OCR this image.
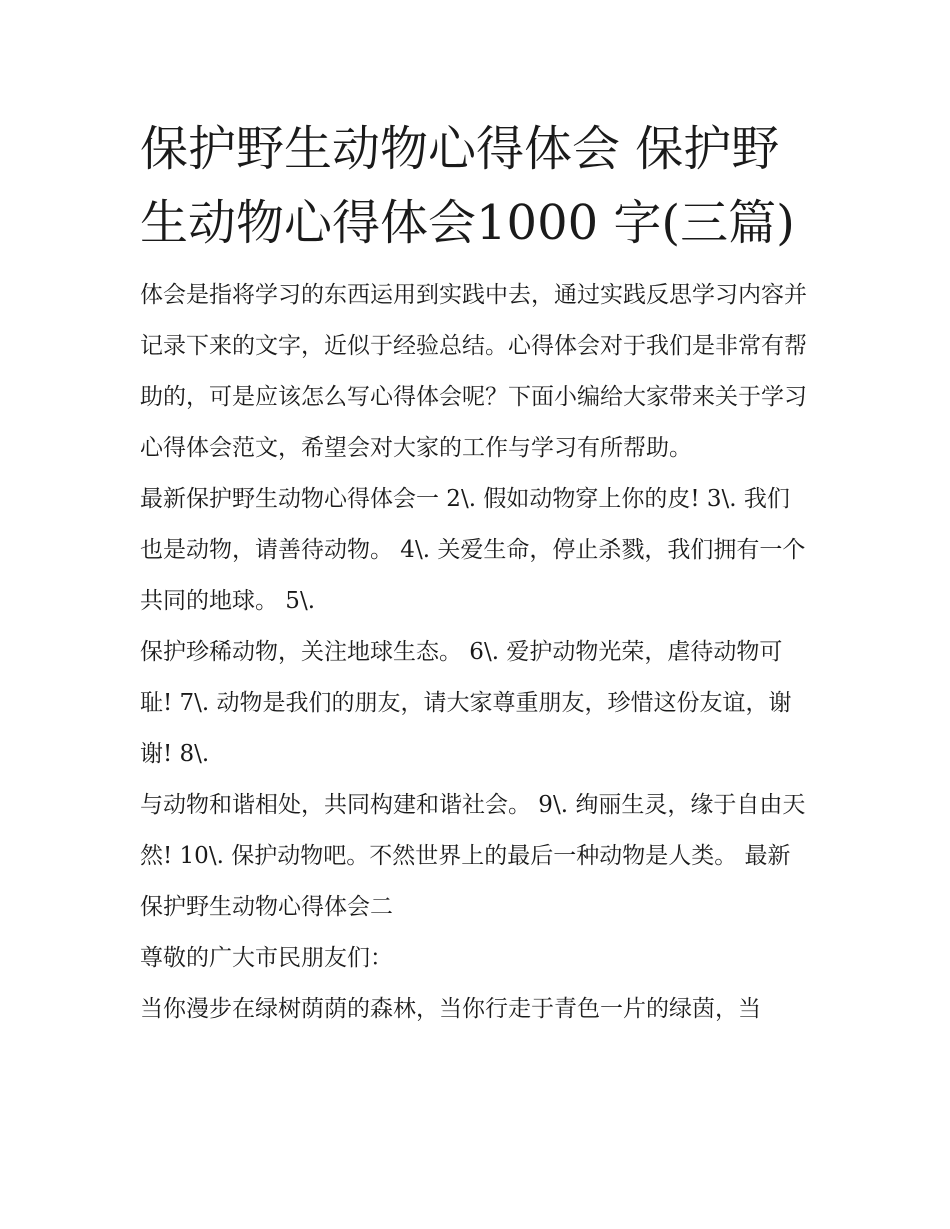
保护野生动物心得体会 保护野生动物心得体会1000 字(三篇)

体会是指将学习的东西运用到实践中去，通过实践反思学习内容并记录下来的文字，近似于经验总结。心得体会对于我们是非常有帮助的，可是应该怎么写心得体会呢？下面小编给大家带来关于学习心得体会范文，希望会对大家的工作与学习有所帮助。

最新保护野生动物心得体会一 2\. 假如动物穿上你的皮! 3\. 我们也是动物，请善待动物。 4\. 关爱生命，停止杀戮，我们拥有一个共同的地球。 5\.

保护珍稀动物，关注地球生态。 6\. 爱护动物光荣，虐待动物可耻! 7\. 动物是我们的朋友，请大家尊重朋友，珍惜这份友谊，谢谢! 8\.

与动物和谐相处，共同构建和谐社会。 9\. 绚丽生灵，缘于自由天然! 10\. 保护动物吧。不然世界上的最后一种动物是人类。 最新保护野生动物心得体会二

尊敬的广大市民朋友们：

当你漫步在绿树荫荫的森林，当你行走于青色一片的绿茵，当
